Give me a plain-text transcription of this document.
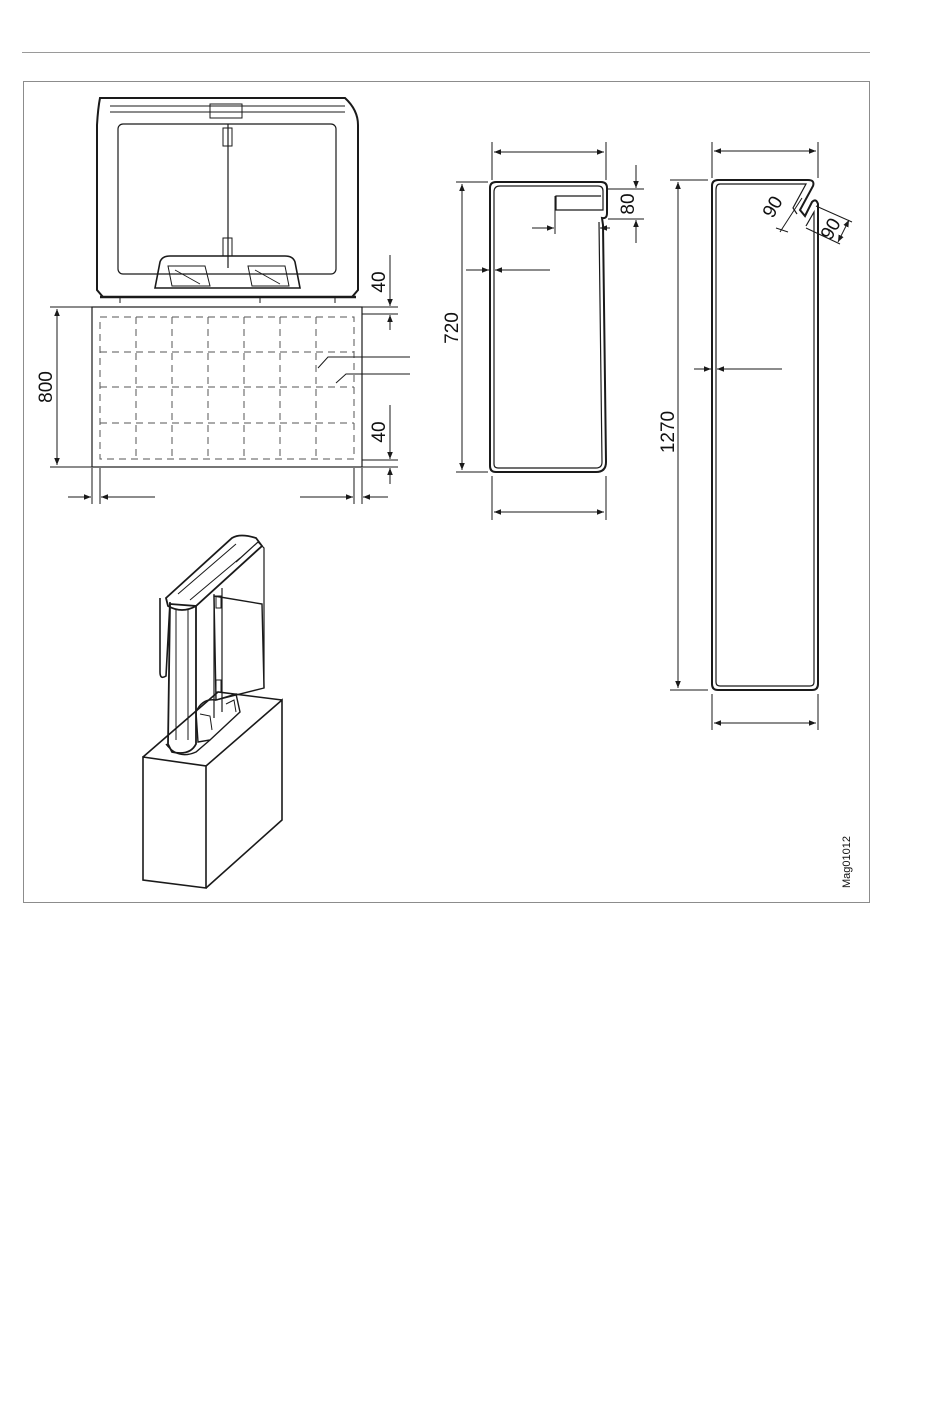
800
40
40
720
80
1270
90
90
Mag01012
